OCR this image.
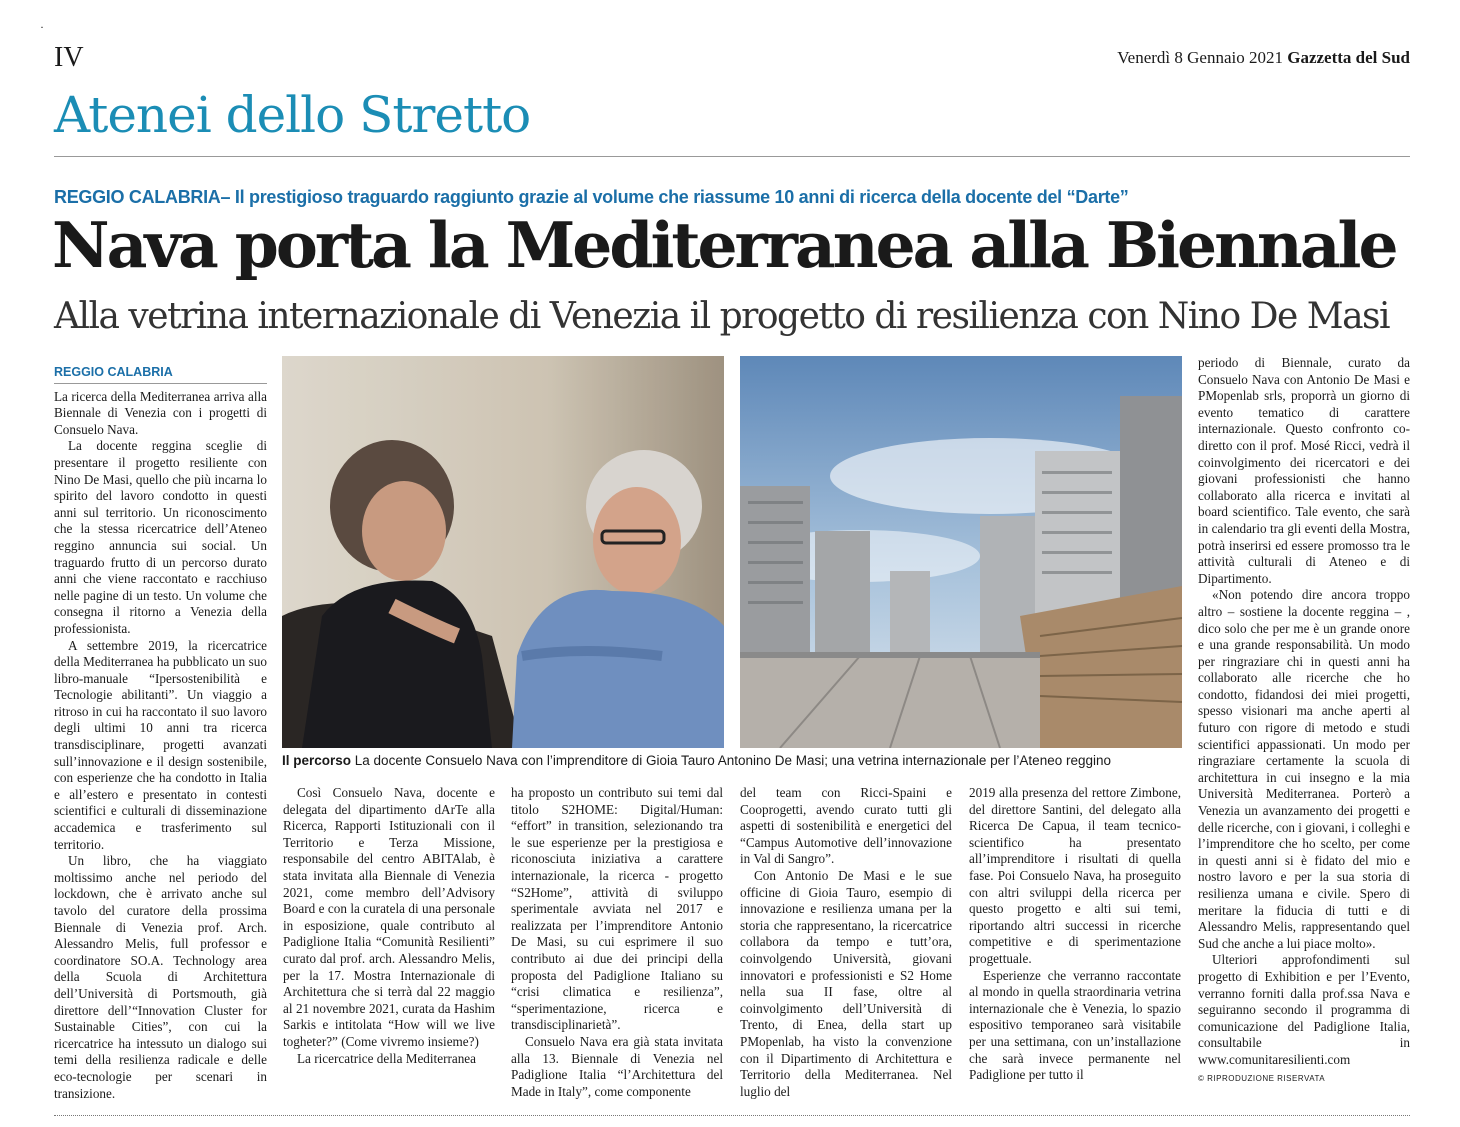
·
IV	Venerdì 8 Gennaio 2021 Gazzetta del Sud
Atenei dello Stretto
REGGIO CALABRIA– Il prestigioso traguardo raggiunto grazie al volume che riassume 10 anni di ricerca della docente del “Darte”
Nava porta la Mediterranea alla Biennale
Alla vetrina internazionale di Venezia il progetto di resilienza con Nino De Masi
REGGIO CALABRIA

La ricerca della Mediterranea arriva alla Biennale di Venezia con i progetti di Consuelo Nava.

La docente reggina sceglie di presentare il progetto resiliente con Nino De Masi, quello che più incarna lo spirito del lavoro condotto in questi anni sul territorio. Un riconoscimento che la stessa ricercatrice dell’Ateneo reggino annuncia sui social. Un traguardo frutto di un percorso durato anni che viene raccontato e racchiuso nelle pagine di un testo. Un volume che consegna il ritorno a Venezia della professionista.

A settembre 2019, la ricercatrice della Mediterranea ha pubblicato un suo libro-manuale “Ipersostenibilità e Tecnologie abilitanti”. Un viaggio a ritroso in cui ha raccontato il suo lavoro degli ultimi 10 anni tra ricerca transdisciplinare, progetti avanzati sull’innovazione e il design sostenibile, con esperienze che ha condotto in Italia e all’estero e presentato in contesti scientifici e culturali di disseminazione accademica e trasferimento sul territorio.

Un libro, che ha viaggiato moltissimo anche nel periodo del lockdown, che è arrivato anche sul tavolo del curatore della prossima Biennale di Venezia prof. Arch. Alessandro Melis, full professor e coordinatore SO.A. Technology area della Scuola di Architettura dell’Università di Portsmouth, già direttore dell’“Innovation Cluster for Sustainable Cities”, con cui la ricercatrice ha intessuto un dialogo sui temi della resilienza radicale e delle eco-tecnologie per scenari in transizione.

Il percorso La docente Consuelo Nava con l’imprenditore di Gioia Tauro Antonino De Masi; una vetrina internazionale per l’Ateneo reggino

Così Consuelo Nava, docente e delegata del dipartimento dArTe alla Ricerca, Rapporti Istituzionali con il Territorio e Terza Missione, responsabile del centro ABITAlab, è stata invitata alla Biennale di Venezia 2021, come membro dell’Advisory Board e con la curatela di una personale in esposizione, quale contributo al Padiglione Italia “Comunità Resilienti” curato dal prof. arch. Alessandro Melis, per la 17. Mostra Internazionale di Architettura che si terrà dal 22 maggio al 21 novembre 2021, curata da Hashim Sarkis e intitolata “How will we live togheter?” (Come vivremo insieme?)

La ricercatrice della Mediterranea

ha proposto un contributo sui temi dal titolo S2HOME: Digital/Human: “effort” in transition, selezionando tra le sue esperienze per la prestigiosa e riconosciuta iniziativa a carattere internazionale, la ricerca - progetto “S2Home”, attività di sviluppo sperimentale avviata nel 2017 e realizzata per l’imprenditore Antonio De Masi, su cui esprimere il suo contributo ai due dei principi della proposta del Padiglione Italiano su “crisi climatica e resilienza”, “sperimentazione, ricerca e transdisciplinarietà”.

Consuelo Nava era già stata invitata alla 13. Biennale di Venezia nel Padiglione Italia “l’Architettura del Made in Italy”, come componente

del team con Ricci-Spaini e Cooprogetti, avendo curato tutti gli aspetti di sostenibilità e energetici del “Campus Automotive dell’innovazione in Val di Sangro”.

Con Antonio De Masi e le sue officine di Gioia Tauro, esempio di innovazione e resilienza umana per la storia che rappresentano, la ricercatrice collabora da tempo e tutt’ora, coinvolgendo Università, giovani innovatori e professionisti e S2 Home nella sua II fase, oltre al coinvolgimento dell’Università di Trento, di Enea, della start up PMopenlab, ha visto la convenzione con il Dipartimento di Architettura e Territorio della Mediterranea. Nel luglio del

2019 alla presenza del rettore Zimbone, del direttore Santini, del delegato alla Ricerca De Capua, il team tecnico-scientifico ha presentato all’imprenditore i risultati di quella fase. Poi Consuelo Nava, ha proseguito con altri sviluppi della ricerca per questo progetto e alti sui temi, riportando altri successi in ricerche competitive e di sperimentazione progettuale.

Esperienze che verranno raccontate al mondo in quella straordinaria vetrina internazionale che è Venezia, lo spazio espositivo temporaneo sarà visitabile per una settimana, con un’installazione che sarà invece permanente nel Padiglione per tutto il

periodo di Biennale, curato da Consuelo Nava con Antonio De Masi e PMopenlab srls, proporrà un giorno di evento tematico di carattere internazionale. Questo confronto co-diretto con il prof. Mosé Ricci, vedrà il coinvolgimento dei ricercatori e dei giovani professionisti che hanno collaborato alla ricerca e invitati al board scientifico. Tale evento, che sarà in calendario tra gli eventi della Mostra, potrà inserirsi ed essere promosso tra le attività culturali di Ateneo e di Dipartimento.

«Non potendo dire ancora troppo altro – sostiene la docente reggina – , dico solo che per me è un grande onore e una grande responsabilità. Un modo per ringraziare chi in questi anni ha collaborato alle ricerche che ho condotto, fidandosi dei miei progetti, spesso visionari ma anche aperti al futuro con rigore di metodo e studi scientifici appassionati. Un modo per ringraziare certamente la scuola di architettura in cui insegno e la mia Università Mediterranea. Porterò a Venezia un avanzamento dei progetti e delle ricerche, con i giovani, i colleghi e l’imprenditore che ho scelto, per come in questi anni si è fidato del mio e nostro lavoro e per la sua storia di resilienza umana e civile. Spero di meritare la fiducia di tutti e di Alessandro Melis, rappresentando quel Sud che anche a lui piace molto».

Ulteriori approfondimenti sul progetto di Exhibition e per l’Evento, verranno forniti dalla prof.ssa Nava e seguiranno secondo il programma di comunicazione del Padiglione Italia, consultabile in www.comunitaresilienti.com

© RIPRODUZIONE RISERVATA
